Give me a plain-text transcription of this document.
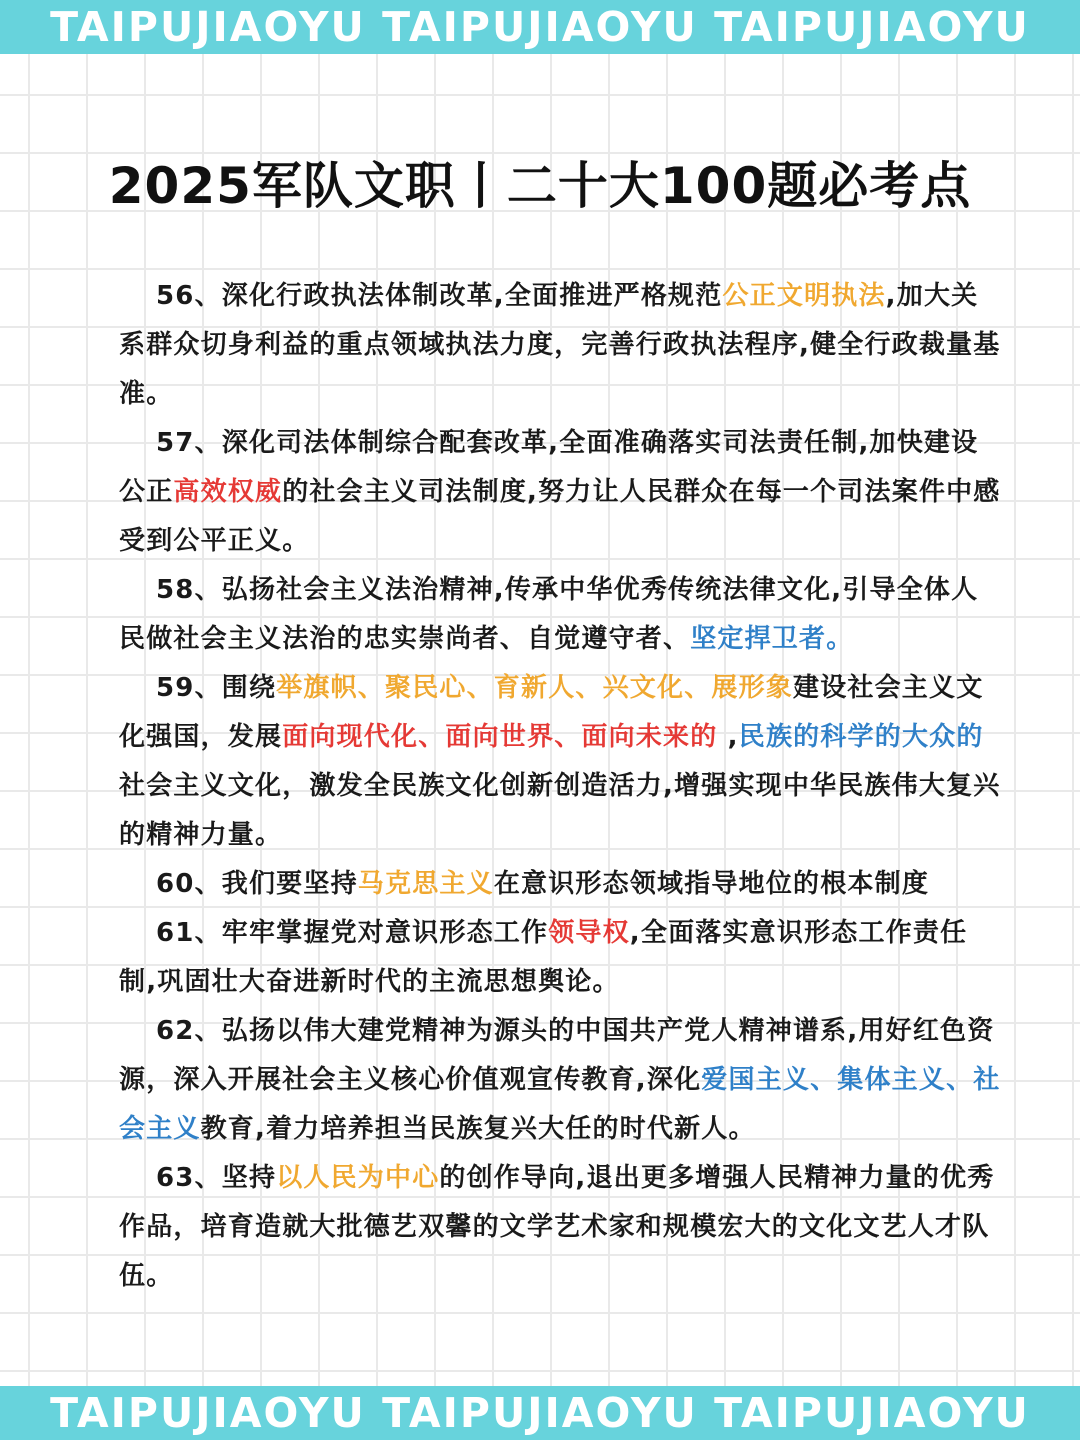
TAIPUJIAOYU TAIPUJIAOYU TAIPUJIAOYU
2025军队文职丨二十大100题必考点

56、深化行政执法体制改革,全面推进严格规范公正文明执法,加大关系群众切身利益的重点领域执法力度，完善行政执法程序,健全行政裁量基准。

57、深化司法体制综合配套改革,全面准确落实司法责任制,加快建设公正高效权威的社会主义司法制度,努力让人民群众在每一个司法案件中感受到公平正义。

58、弘扬社会主义法治精神,传承中华优秀传统法律文化,引导全体人民做社会主义法治的忠实崇尚者、自觉遵守者、坚定捍卫者。

59、围绕举旗帜、聚民心、育新人、兴文化、展形象建设社会主义文化强国，发展面向现代化、面向世界、面向未来的 ,民族的科学的大众的社会主义文化，激发全民族文化创新创造活力,增强实现中华民族伟大复兴的精神力量。

60、我们要坚持马克思主义在意识形态领域指导地位的根本制度

61、牢牢掌握党对意识形态工作领导权,全面落实意识形态工作责任制,巩固壮大奋进新时代的主流思想舆论。

62、弘扬以伟大建党精神为源头的中国共产党人精神谱系,用好红色资源，深入开展社会主义核心价值观宣传教育,深化爱国主义、集体主义、社会主义教育,着力培养担当民族复兴大任的时代新人。

63、坚持以人民为中心的创作导向,退出更多增强人民精神力量的优秀作品，培育造就大批德艺双馨的文学艺术家和规模宏大的文化文艺人才队伍。

TAIPUJIAOYU TAIPUJIAOYU TAIPUJIAOYU
